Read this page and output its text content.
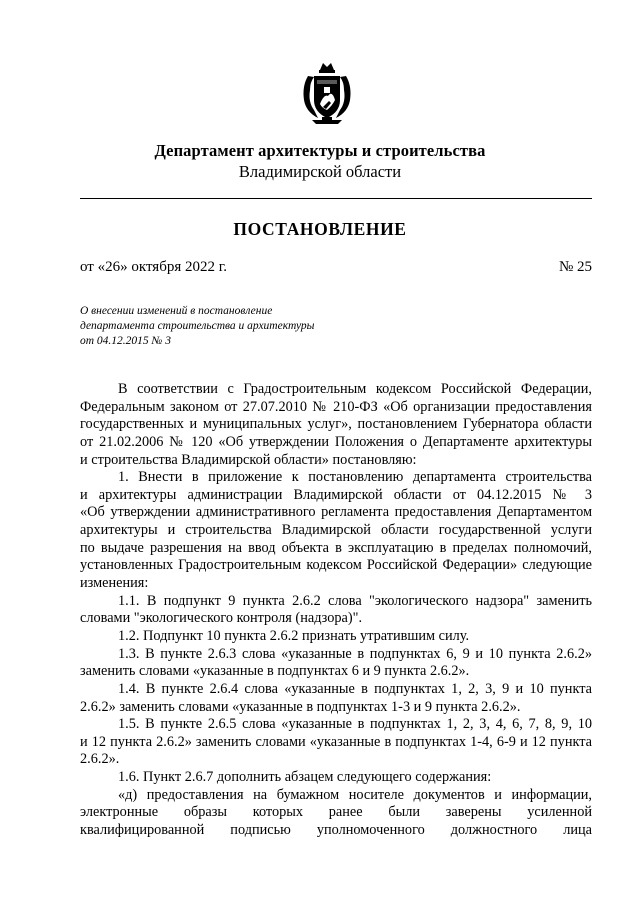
Департамент архитектуры и строительства
Владимирской области
ПОСТАНОВЛЕНИЕ
от «26» октября 2022 г.	№ 25
О внесении изменений в постановление
департамента строительства и архитектуры
от 04.12.2015 № 3
В соответствии с Градостроительным кодексом Российской Федерации,
Федеральным законом от 27.07.2010 № 210-ФЗ «Об организации предоставления
государственных и муниципальных услуг», постановлением Губернатора области
от 21.02.2006 № 120 «Об утверждении Положения о Департаменте архитектуры
и строительства Владимирской области» постановляю:
1. Внести в приложение к постановлению департамента строительства
и архитектуры администрации Владимирской области от 04.12.2015 № 3
«Об утверждении административного регламента предоставления Департаментом
архитектуры и строительства Владимирской области государственной услуги
по выдаче разрешения на ввод объекта в эксплуатацию в пределах полномочий,
установленных Градостроительным кодексом Российской Федерации» следующие
изменения:
1.1. В подпункт 9 пункта 2.6.2 слова "экологического надзора" заменить
словами "экологического контроля (надзора)".
1.2. Подпункт 10 пункта 2.6.2 признать утратившим силу.
1.3. В пункте 2.6.3 слова «указанные в подпунктах 6, 9 и 10 пункта 2.6.2»
заменить словами «указанные в подпунктах 6 и 9 пункта 2.6.2».
1.4. В пункте 2.6.4 слова «указанные в подпунктах 1, 2, 3, 9 и 10 пункта
2.6.2» заменить словами «указанные в подпунктах 1-3 и 9 пункта 2.6.2».
1.5. В пункте 2.6.5 слова «указанные в подпунктах 1, 2, 3, 4, 6, 7, 8, 9, 10
и 12 пункта 2.6.2» заменить словами «указанные в подпунктах 1-4, 6-9 и 12 пункта
2.6.2».
1.6. Пункт 2.6.7 дополнить абзацем следующего содержания:
«д) предоставления на бумажном носителе документов и информации,
электронные образы которых ранее были заверены усиленной
квалифицированной подписью уполномоченного должностного лица
